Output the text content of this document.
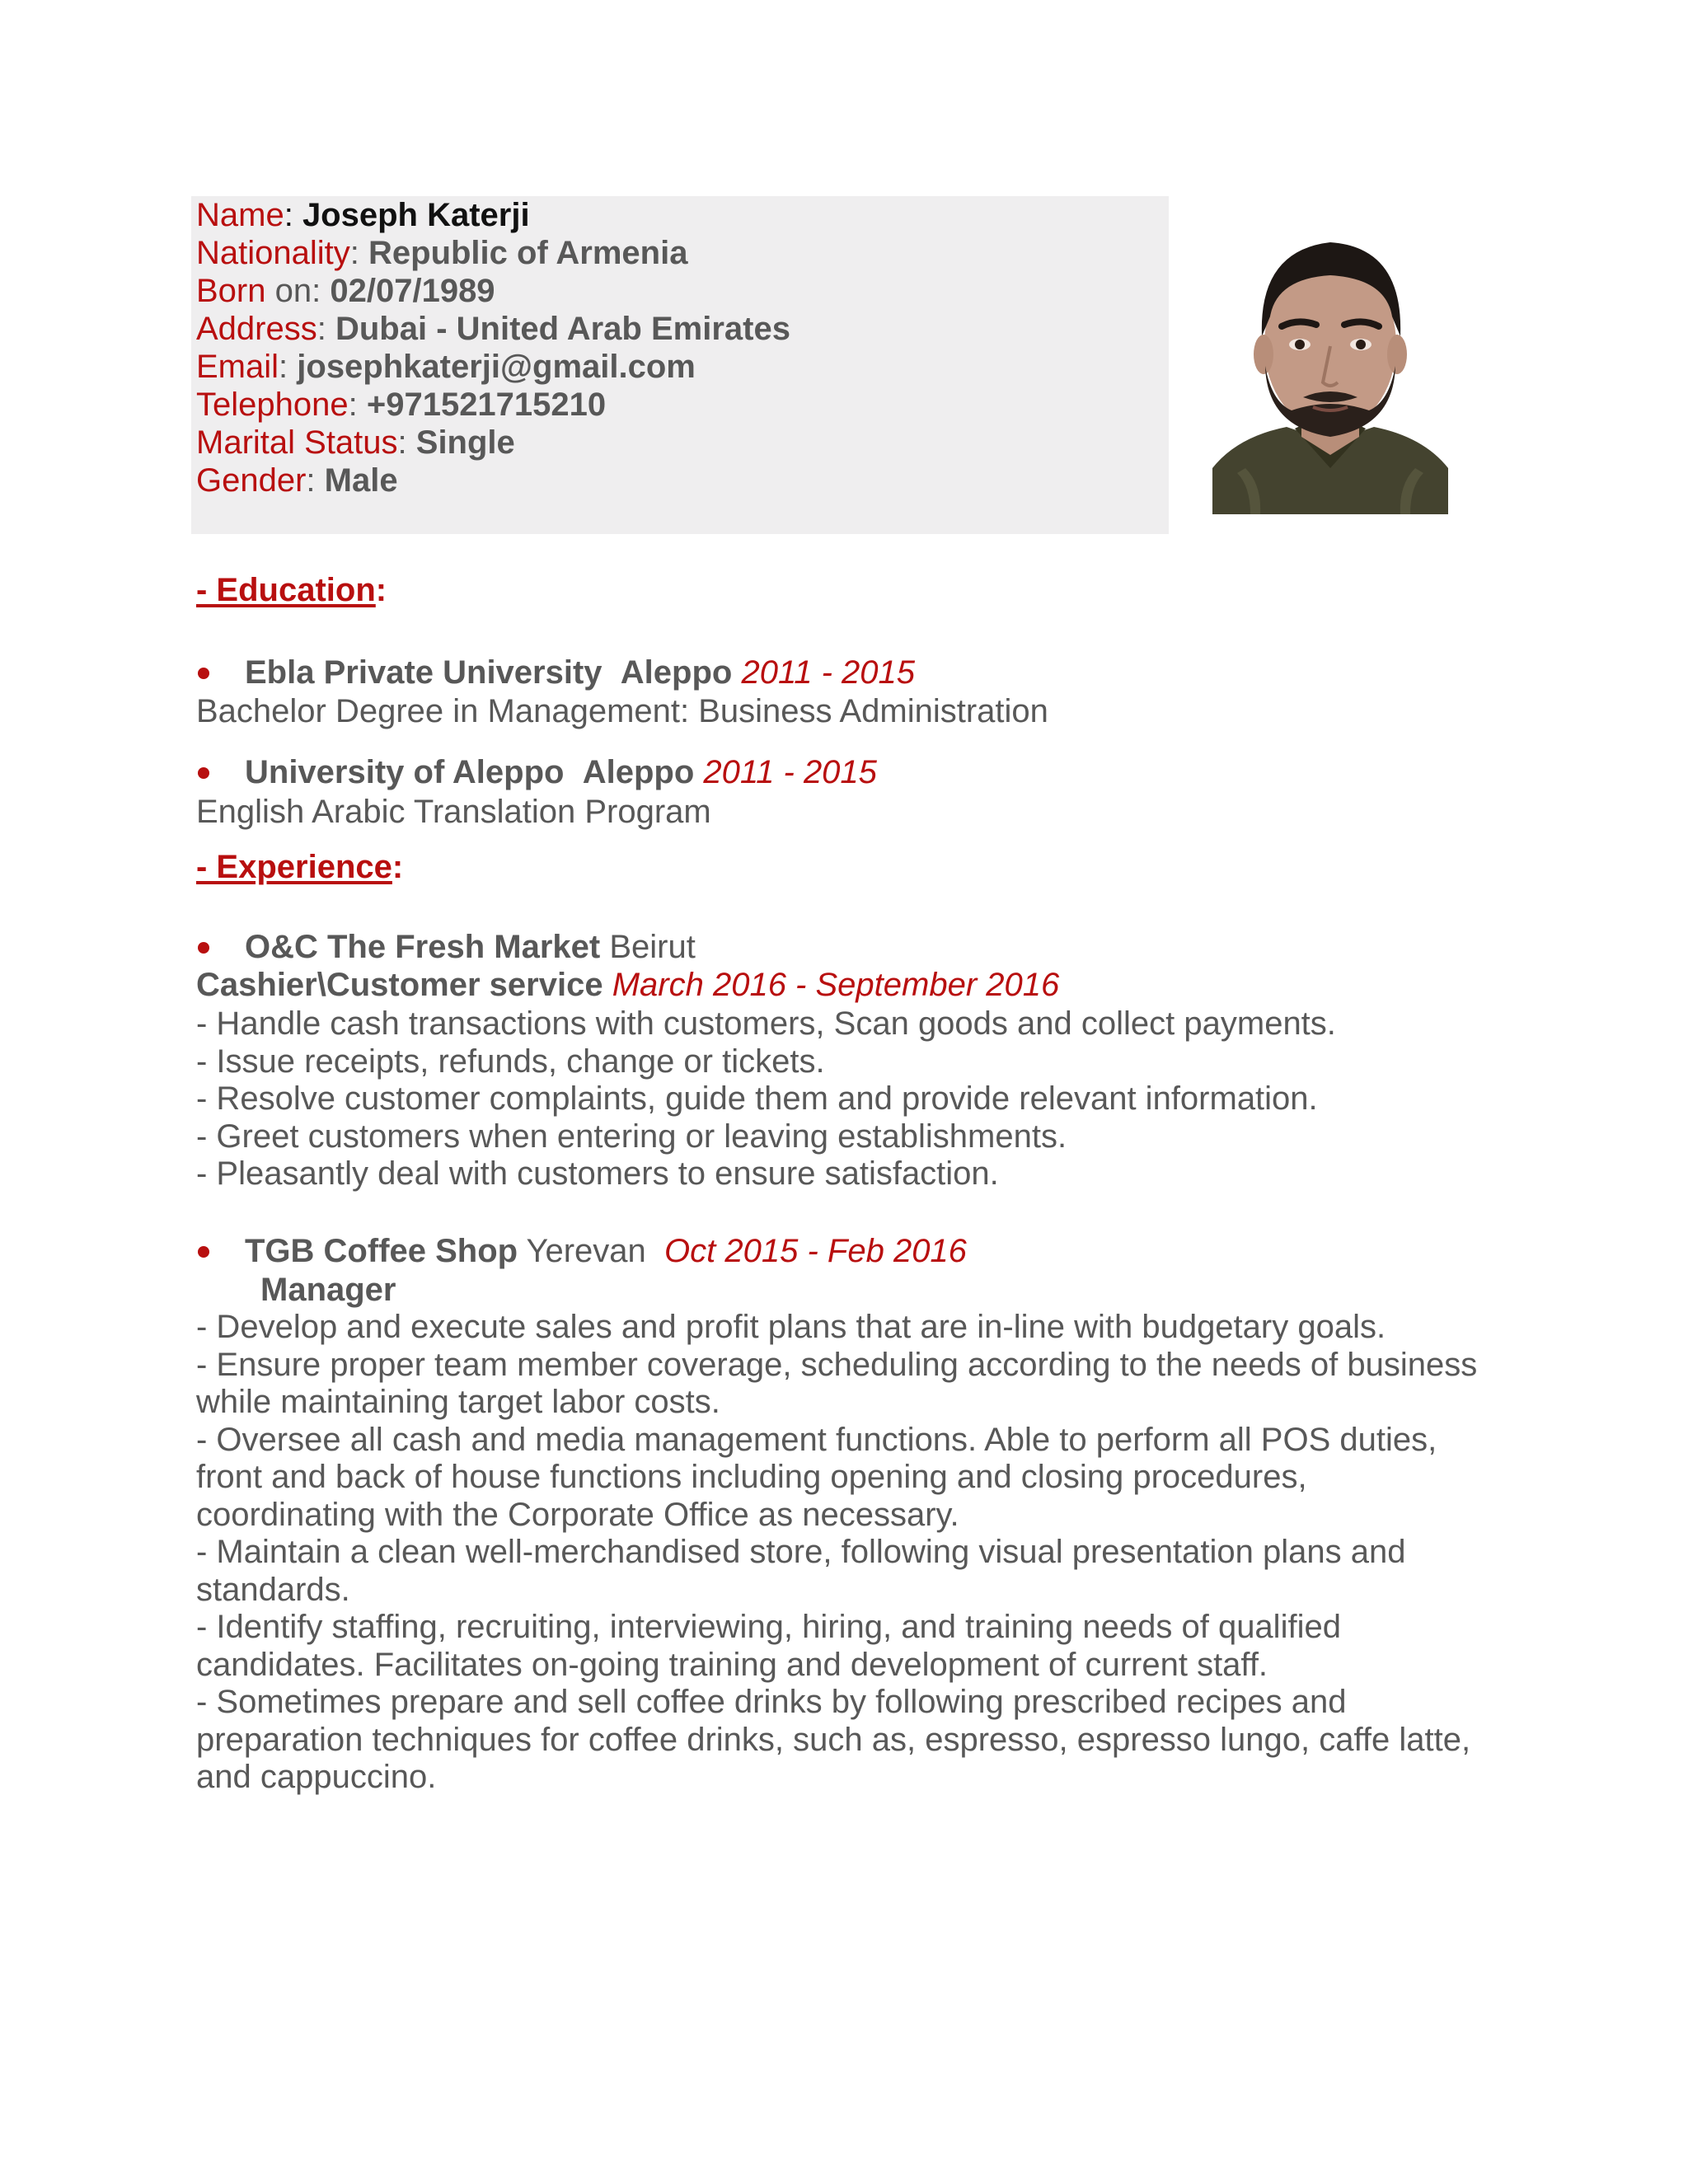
Name: Joseph Katerji
Nationality: Republic of Armenia
Born on: 02/07/1989
Address: Dubai - United Arab Emirates
Email: josephkaterji@gmail.com
Telephone: +971521715210
Marital Status: Single
Gender: Male
- Education:
Ebla Private University Aleppo 2011 - 2015
Bachelor Degree in Management: Business Administration
University of Aleppo Aleppo 2011 - 2015
English Arabic Translation Program
- Experience:
O&C The Fresh Market Beirut
Cashier\Customer service March 2016 - September 2016
- Handle cash transactions with customers, Scan goods and collect payments.
- Issue receipts, refunds, change or tickets.
- Resolve customer complaints, guide them and provide relevant information.
- Greet customers when entering or leaving establishments.
- Pleasantly deal with customers to ensure satisfaction.
TGB Coffee Shop Yerevan Oct 2015 - Feb 2016
Manager
- Develop and execute sales and profit plans that are in-line with budgetary goals.
- Ensure proper team member coverage, scheduling according to the needs of business
while maintaining target labor costs.
- Oversee all cash and media management functions. Able to perform all POS duties,
front and back of house functions including opening and closing procedures,
coordinating with the Corporate Office as necessary.
- Maintain a clean well-merchandised store, following visual presentation plans and
standards.
- Identify staffing, recruiting, interviewing, hiring, and training needs of qualified
candidates. Facilitates on-going training and development of current staff.
- Sometimes prepare and sell coffee drinks by following prescribed recipes and
preparation techniques for coffee drinks, such as, espresso, espresso lungo, caffe latte,
and cappuccino.
